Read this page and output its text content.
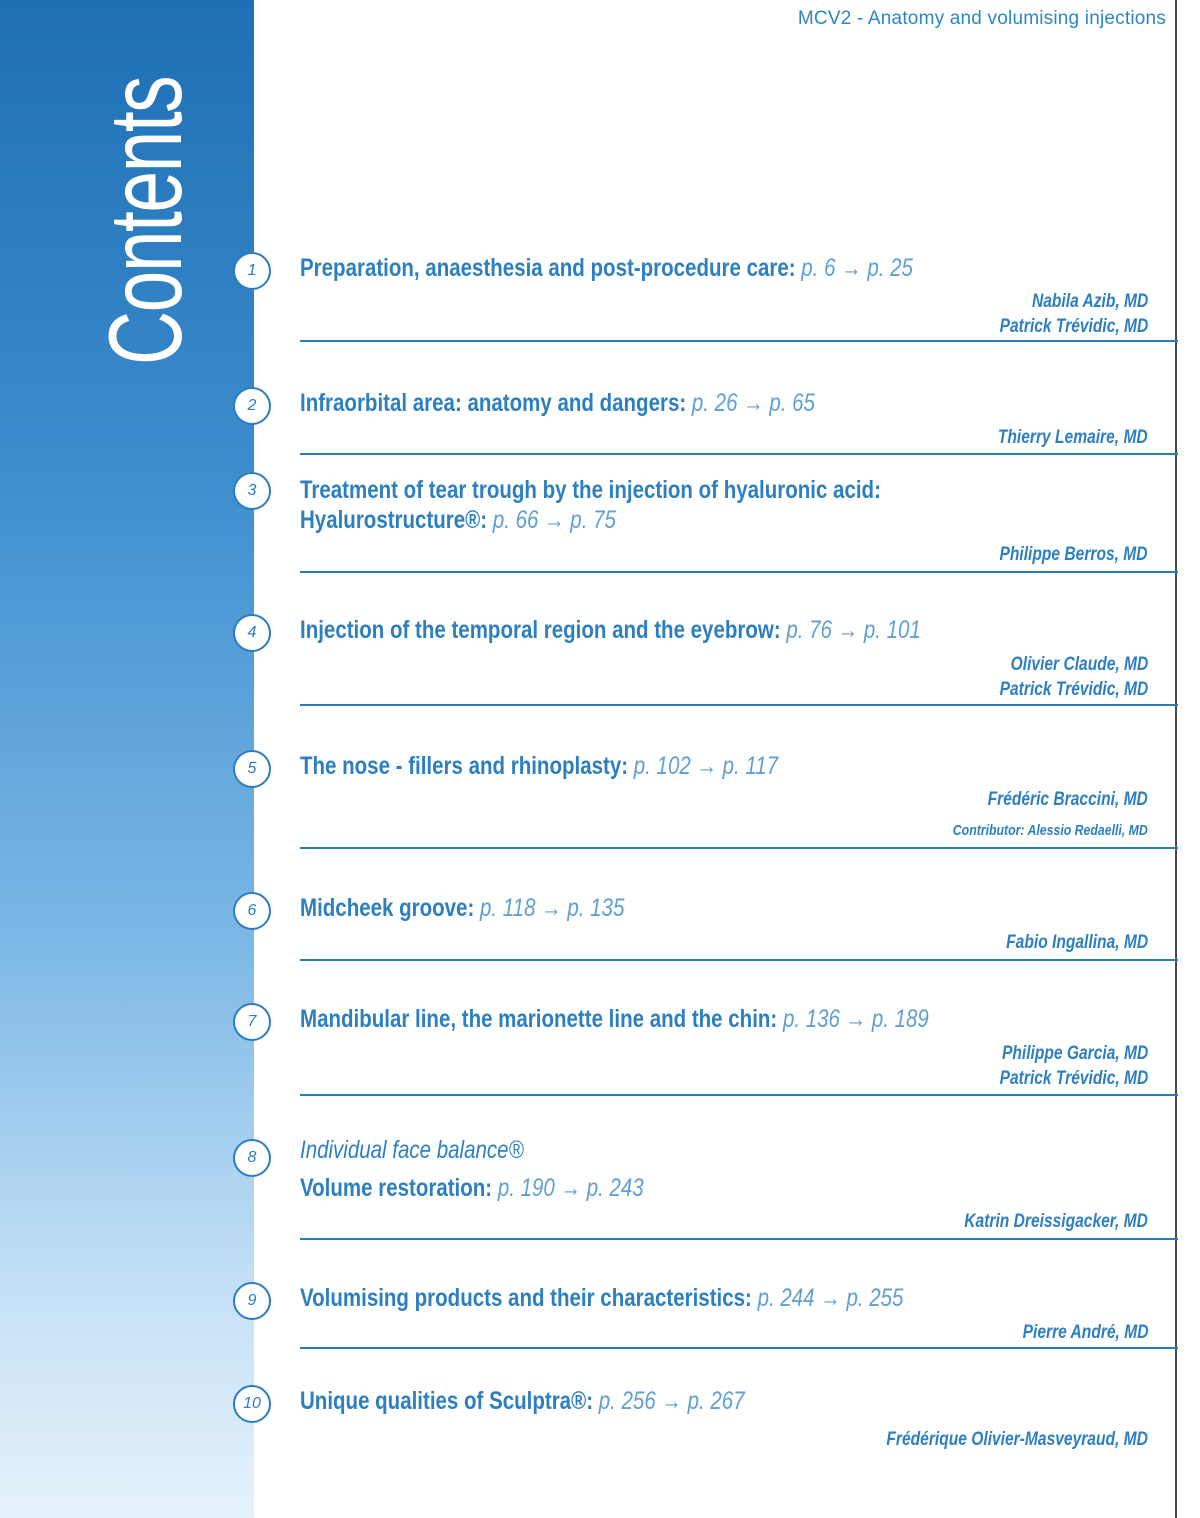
Contents
MCV2 - Anatomy and volumising injections
1	Preparation, anaesthesia and post-procedure care: p. 6 → p. 25
Nabila Azib, MD
Patrick Trévidic, MD
2	Infraorbital area: anatomy and dangers: p. 26 → p. 65
Thierry Lemaire, MD
3	Treatment of tear trough by the injection of hyaluronic acid:
Hyalurostructure®: p. 66 → p. 75
Philippe Berros, MD
4	Injection of the temporal region and the eyebrow: p. 76 → p. 101
Olivier Claude, MD
Patrick Trévidic, MD
5	The nose - fillers and rhinoplasty: p. 102 → p. 117
Frédéric Braccini, MD
Contributor: Alessio Redaelli, MD
6	Midcheek groove: p. 118 → p. 135
Fabio Ingallina, MD
7	Mandibular line, the marionette line and the chin: p. 136 → p. 189
Philippe Garcia, MD
Patrick Trévidic, MD
8	Individual face balance®
Volume restoration: p. 190 → p. 243
Katrin Dreissigacker, MD
9	Volumising products and their characteristics: p. 244 → p. 255
Pierre André, MD
10	Unique qualities of Sculptra®: p. 256 → p. 267
Frédérique Olivier-Masveyraud, MD
